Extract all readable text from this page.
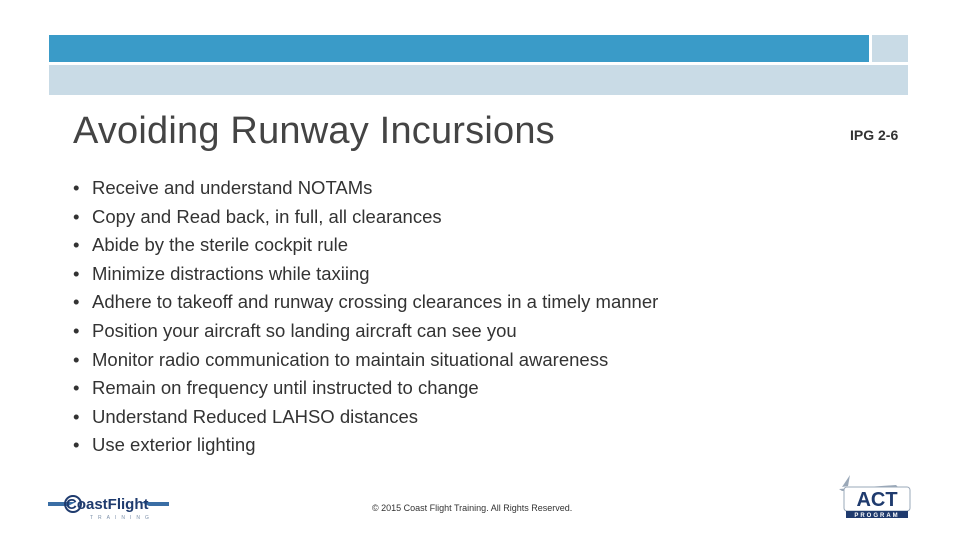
Avoiding Runway Incursions	IPG 2-6
• Receive and understand NOTAMs
• Copy and Read back, in full, all clearances
• Abide by the sterile cockpit rule
• Minimize distractions while taxiing
• Adhere to takeoff and runway crossing clearances in a timely manner
• Position your aircraft so landing aircraft can see you
• Monitor radio communication to maintain situational awareness
• Remain on frequency until instructed to change
• Understand Reduced LAHSO distances
• Use exterior lighting
CoastFlight
TRAINING
© 2015 Coast Flight Training. All Rights Reserved.	ACT
PROGRAM
